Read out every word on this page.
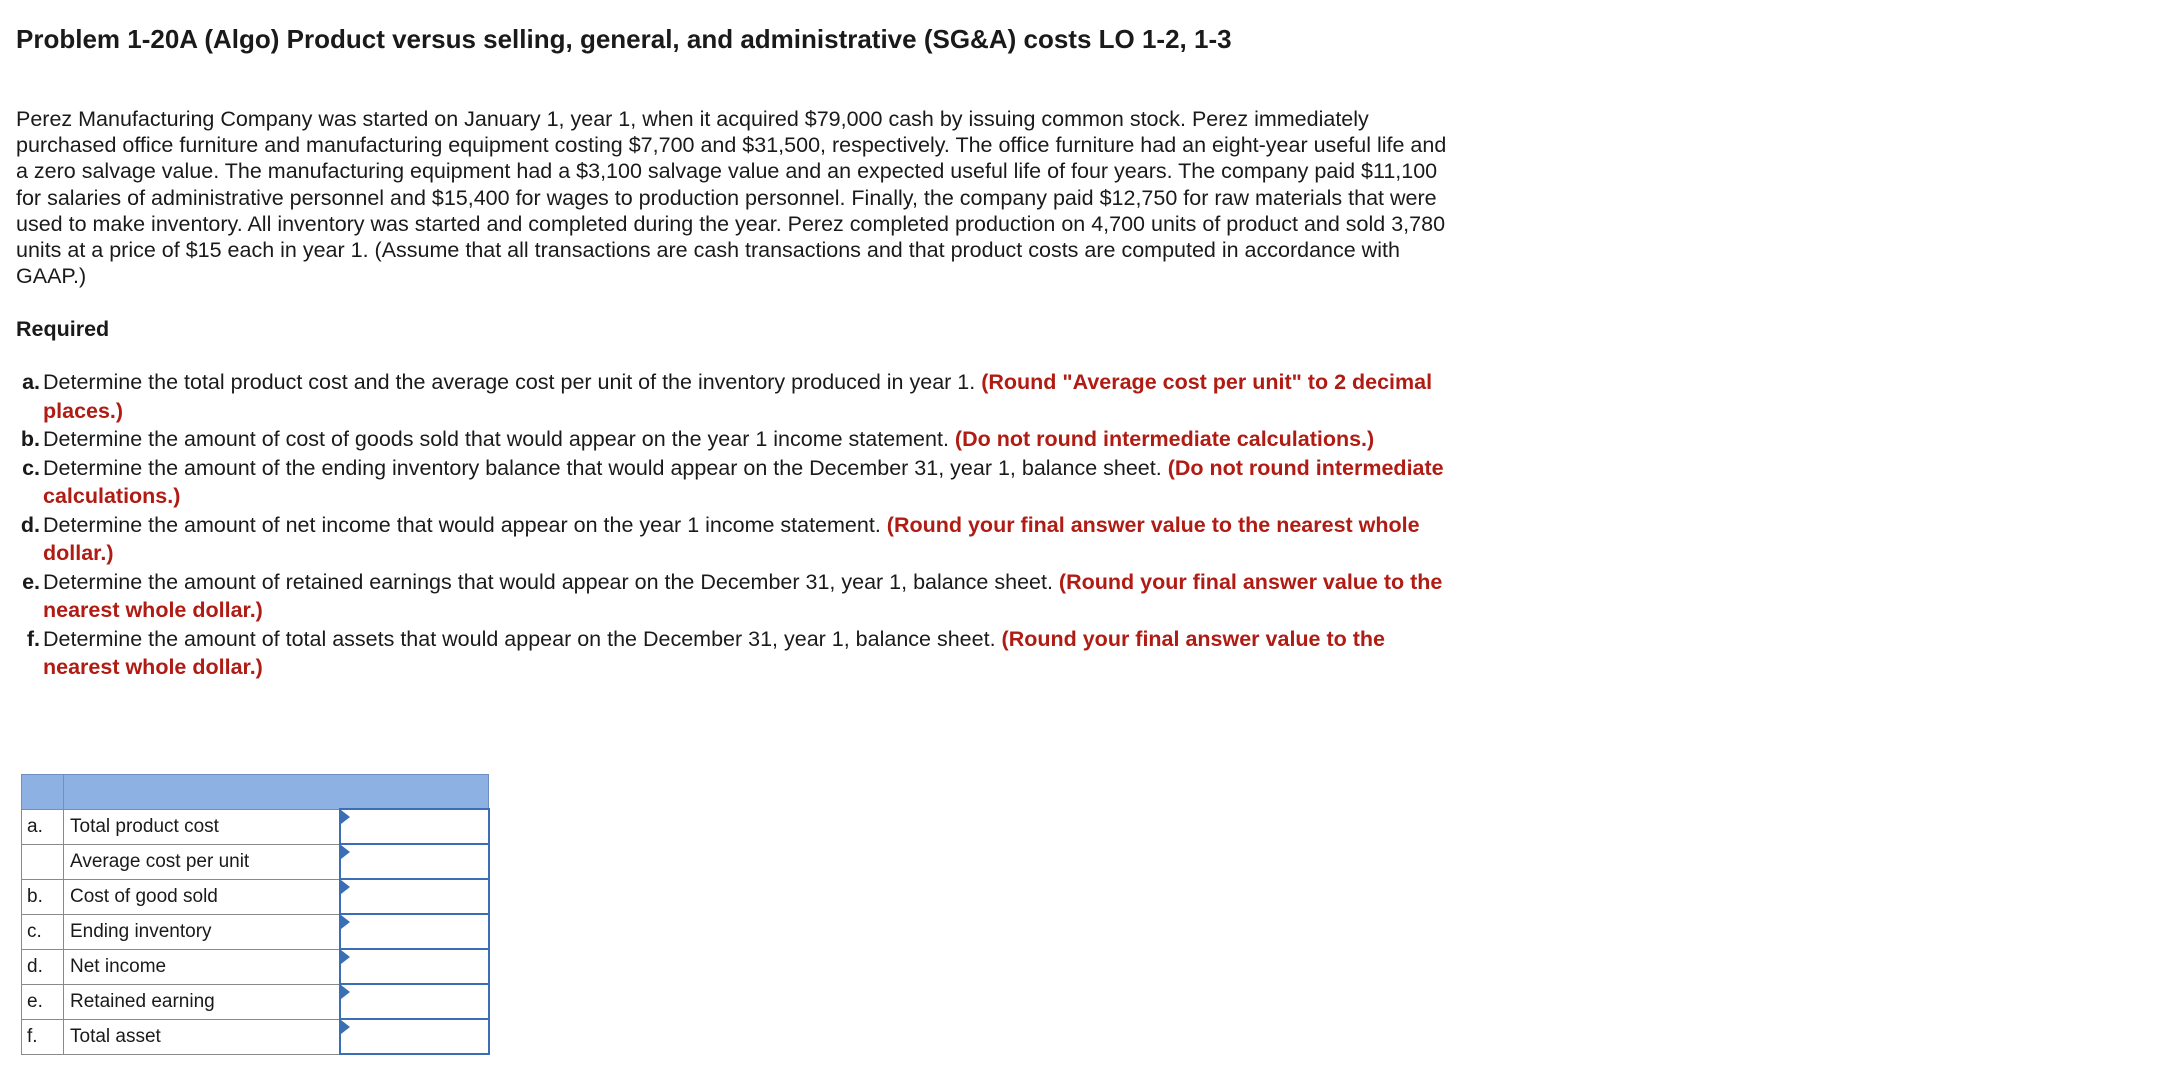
Problem 1-20A (Algo) Product versus selling, general, and administrative (SG&A) costs LO 1-2, 1-3

Perez Manufacturing Company was started on January 1, year 1, when it acquired $79,000 cash by issuing common stock. Perez immediately purchased office furniture and manufacturing equipment costing $7,700 and $31,500, respectively. The office furniture had an eight-year useful life and a zero salvage value. The manufacturing equipment had a $3,100 salvage value and an expected useful life of four years. The company paid $11,100 for salaries of administrative personnel and $15,400 for wages to production personnel. Finally, the company paid $12,750 for raw materials that were used to make inventory. All inventory was started and completed during the year. Perez completed production on 4,700 units of product and sold 3,780 units at a price of $15 each in year 1. (Assume that all transactions are cash transactions and that product costs are computed in accordance with GAAP.)

Required
a. Determine the total product cost and the average cost per unit of the inventory produced in year 1. (Round "Average cost per unit" to 2 decimal places.)
b. Determine the amount of cost of goods sold that would appear on the year 1 income statement. (Do not round intermediate calculations.)
c. Determine the amount of the ending inventory balance that would appear on the December 31, year 1, balance sheet. (Do not round intermediate calculations.)
d. Determine the amount of net income that would appear on the year 1 income statement. (Round your final answer value to the nearest whole dollar.)
e. Determine the amount of retained earnings that would appear on the December 31, year 1, balance sheet. (Round your final answer value to the nearest whole dollar.)
f. Determine the amount of total assets that would appear on the December 31, year 1, balance sheet. (Round your final answer value to the nearest whole dollar.)

a.	Total product cost	

	Average cost per unit	

b.	Cost of good sold	

c.	Ending inventory	

d.	Net income	

e.	Retained earning	

f.	Total asset	
